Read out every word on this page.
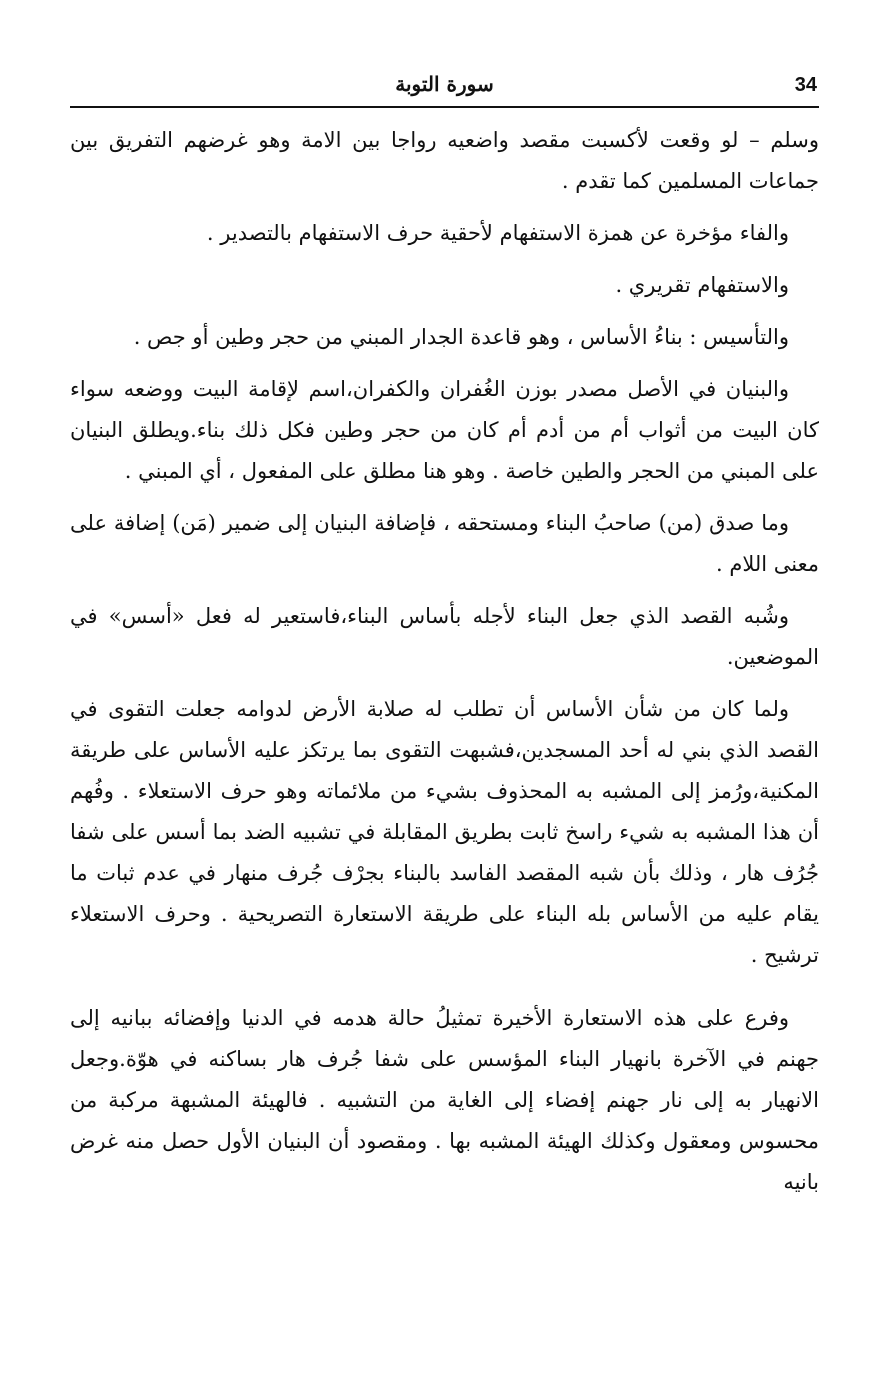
34
سورة التوبة

وسلم – لو وقعت لأكسبت مقصد واضعيه رواجا بين الامة وهو غرضهم التفريق بين جماعات المسلمين كما تقدم .

والفاء مؤخرة عن همزة الاستفهام لأحقية حرف الاستفهام بالتصدير .

والاستفهام تقريري .

والتأسيس : بناءُ الأساس ، وهو قاعدة الجدار المبني من حجر وطين أو جص .

والبنيان في الأصل مصدر بوزن الغُفران والكفران،اسم لإقامة البيت ووضعه سواء كان البيت من أثواب أم من أدم أم كان من حجر وطين فكل ذلك بناء.ويطلق البنيان على المبني من الحجر والطين خاصة . وهو هنا مطلق على المفعول ، أي المبني .

وما صدق (من) صاحبُ البناء ومستحقه ، فإضافة البنيان إلى ضمير (مَن) إضافة على معنى اللام .

وشُبه القصد الذي جعل البناء لأجله بأساس البناء،فاستعير له فعل «أسس» في الموضعين.

ولما كان من شأن الأساس أن تطلب له صلابة الأرض لدوامه جعلت التقوى في القصد الذي بني له أحد المسجدين،فشبهت التقوى بما يرتكز عليه الأساس على طريقة المكنية،ورُمز إلى المشبه به المحذوف بشيء من ملائماته وهو حرف الاستعلاء . وفُهم أن هذا المشبه به شيء راسخ ثابت بطريق المقابلة في تشبيه الضد بما أسس على شفا جُرُف هار ، وذلك بأن شبه المقصد الفاسد بالبناء بجرْف جُرف منهار في عدم ثبات ما يقام عليه من الأساس بله البناء على طريقة الاستعارة التصريحية . وحرف الاستعلاء ترشيح .

وفرع على هذه الاستعارة الأخيرة تمثيلُ حالة هدمه في الدنيا وإفضائه ببانيه إلى جهنم في الآخرة بانهيار البناء المؤسس على شفا جُرف هار بساكنه في هوّة.وجعل الانهيار به إلى نار جهنم إفضاء إلى الغاية من التشبيه . فالهيئة المشبهة مركبة من محسوس ومعقول وكذلك الهيئة المشبه بها . ومقصود أن البنيان الأول حصل منه غرض بانيه
